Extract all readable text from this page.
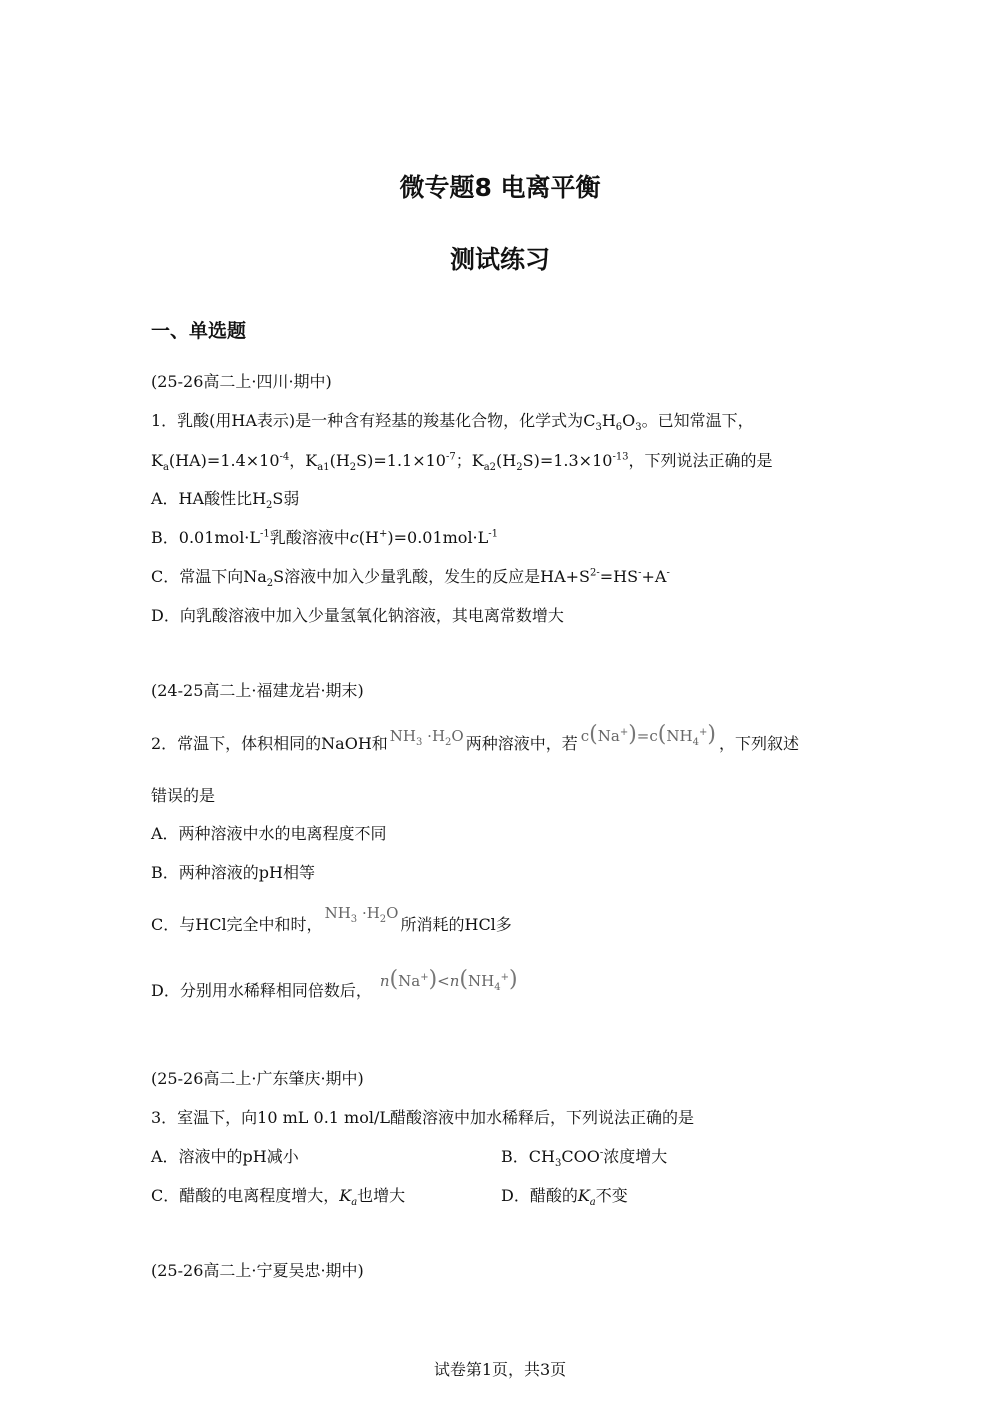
微专题8 电离平衡
测试练习
一、单选题
(25-26高二上·四川·期中)
1．乳酸(用HA表示)是一种含有羟基的羧基化合物，化学式为$C_3H_6O_3$。已知常温下，
$K_a(HA)=1.4\times 10^{-4}$，$K_{a1}(H_2S)=1.1\times 10^{-7}$；$K_{a2}(H_2S)=1.3\times 10^{-13}$，下列说法正确的是
A．HA酸性比$H_2S$弱
B．$0.01mol\cdot L^{-1}$乳酸溶液中$c(H^+)=0.01mol\cdot L^{-1}$
C．常温下向$Na_2S$溶液中加入少量乳酸，发生的反应是$HA+S^{2-}=HS^-+A^-$
D．向乳酸溶液中加入少量氢氧化钠溶液，其电离常数增大
(24-25高二上·福建龙岩·期末)
2．常温下，体积相同的NaOH和 $NH_3 \cdot H_2O$ 两种溶液中，若 $c(Na^+)=c(NH_4^+)$ ，下列叙述
错误的是
A．两种溶液中水的电离程度不同
B．两种溶液的pH相等
C．与HCl完全中和时，$NH_3 \cdot H_2O$所消耗的HCl多
D．分别用水稀释相同倍数后， $n(Na^+)<n(NH_4^+)$
(25-26高二上·广东肇庆·期中)
3．室温下，向10 mL 0.1 mol/L醋酸溶液中加水稀释后，下列说法正确的是
A．溶液中的pH减小	B．$CH_3COO^-$浓度增大
C．醋酸的电离程度增大，$K_a$也增大	D．醋酸的$K_a$不变
(25-26高二上·宁夏吴忠·期中)
试卷第1页，共3页
